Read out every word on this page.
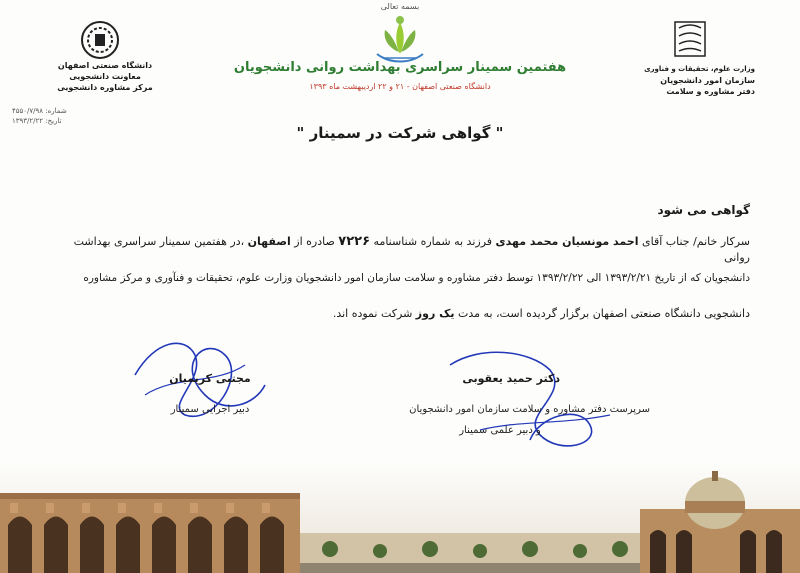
بسمه تعالی
هفتمین سمینار سراسری بهداشت روانی دانشجویان
دانشگاه صنعتی اصفهان - ۲۱ و ۲۲ اردیبهشت ماه ۱۳۹۳
دانشگاه صنعتی اصفهان
معاونت دانشجویی
مرکز مشاوره دانشجویی
وزارت علوم، تحقیقات و فناوری
سازمان امور دانشجویان
دفتر مشاوره و سلامت
شماره: ۴۵۵۰/۷/۹۸
تاریخ: ۱۳۹۳/۲/۲۲
" گواهی شرکت در سمینار "
گواهی می شود
سرکار خانم/ جناب آقای احمد مونسیان محمد مهدی فرزند به شماره شناسنامه ۷۲۲۶ صادره از اصفهان ،در هفتمین سمینار سراسری بهداشت روانی
دانشجویان که از تاریخ ۱۳۹۳/۲/۲۱ الی ۱۳۹۳/۲/۲۲ توسط دفتر مشاوره و سلامت سازمان امور دانشجویان وزارت علوم، تحقیقات و فنآوری و مرکز مشاوره
دانشجویی دانشگاه صنعتی اصفهان برگزار گردیده است، به مدت یک روز شرکت نموده اند.
دکتر حمید یعقوبی
سرپرست دفتر مشاوره و سلامت سازمان امور دانشجویان
و دبیر علمی سمینار
مجتبی کریمیان
دبیر اجرایی سمینار
